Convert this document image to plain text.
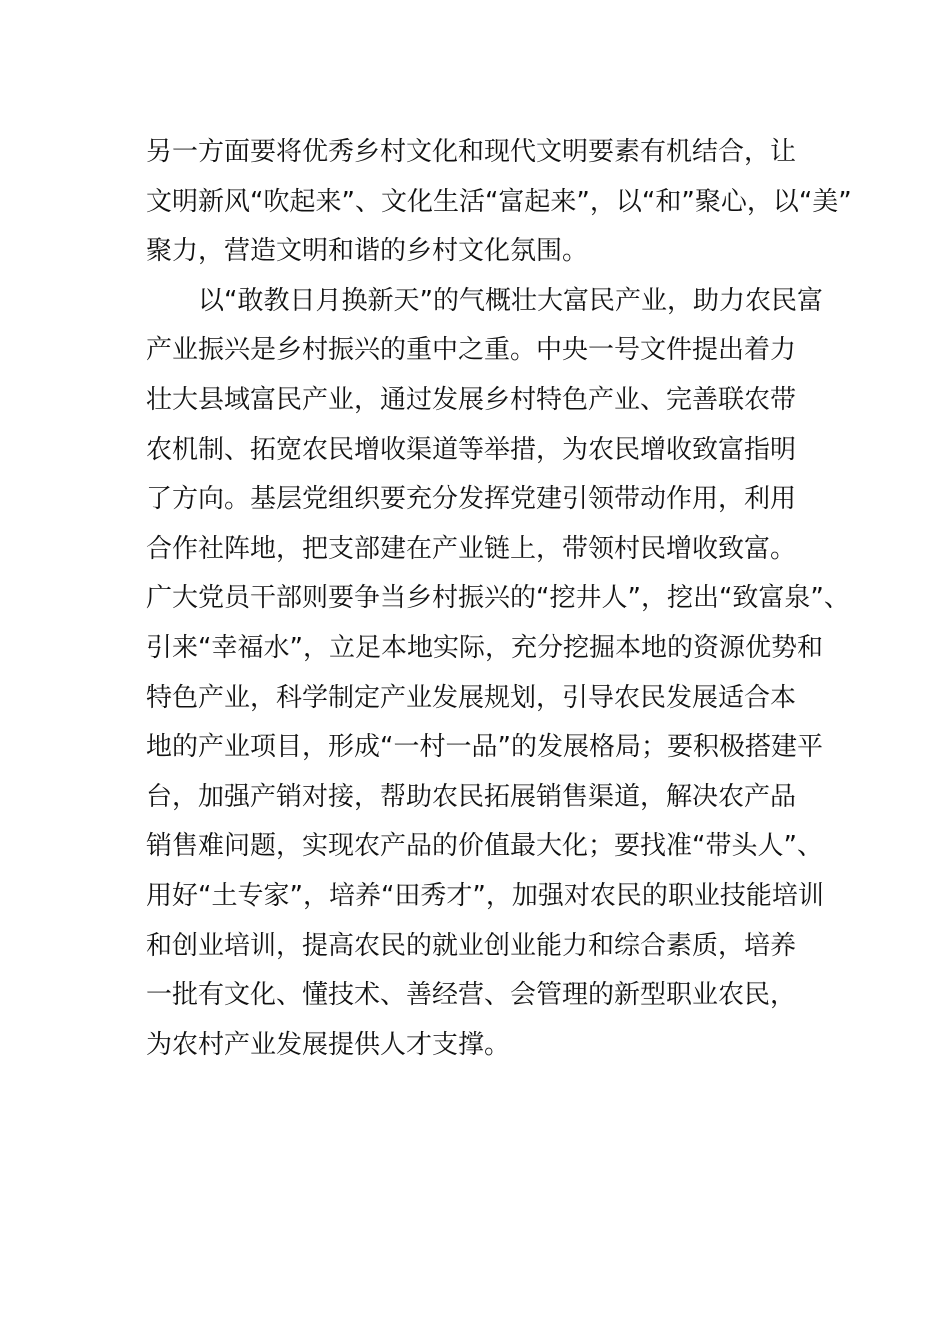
另一方面要将优秀乡村文化和现代文明要素有机结合，让
文明新风“吹起来”、文化生活“富起来”，以“和”聚心，以“美”
聚力，营造文明和谐的乡村文化氛围。
　　以“敢教日月换新天”的气概壮大富民产业，助力农民富
产业振兴是乡村振兴的重中之重。中央一号文件提出着力
壮大县域富民产业，通过发展乡村特色产业、完善联农带
农机制、拓宽农民增收渠道等举措，为农民增收致富指明
了方向。基层党组织要充分发挥党建引领带动作用，利用
合作社阵地，把支部建在产业链上，带领村民增收致富。
广大党员干部则要争当乡村振兴的“挖井人”，挖出“致富泉”、
引来“幸福水”，立足本地实际，充分挖掘本地的资源优势和
特色产业，科学制定产业发展规划，引导农民发展适合本
地的产业项目，形成“一村一品”的发展格局；要积极搭建平
台，加强产销对接，帮助农民拓展销售渠道，解决农产品
销售难问题，实现农产品的价值最大化；要找准“带头人”、
用好“土专家”，培养“田秀才”，加强对农民的职业技能培训
和创业培训，提高农民的就业创业能力和综合素质，培养
一批有文化、懂技术、善经营、会管理的新型职业农民，
为农村产业发展提供人才支撑。
